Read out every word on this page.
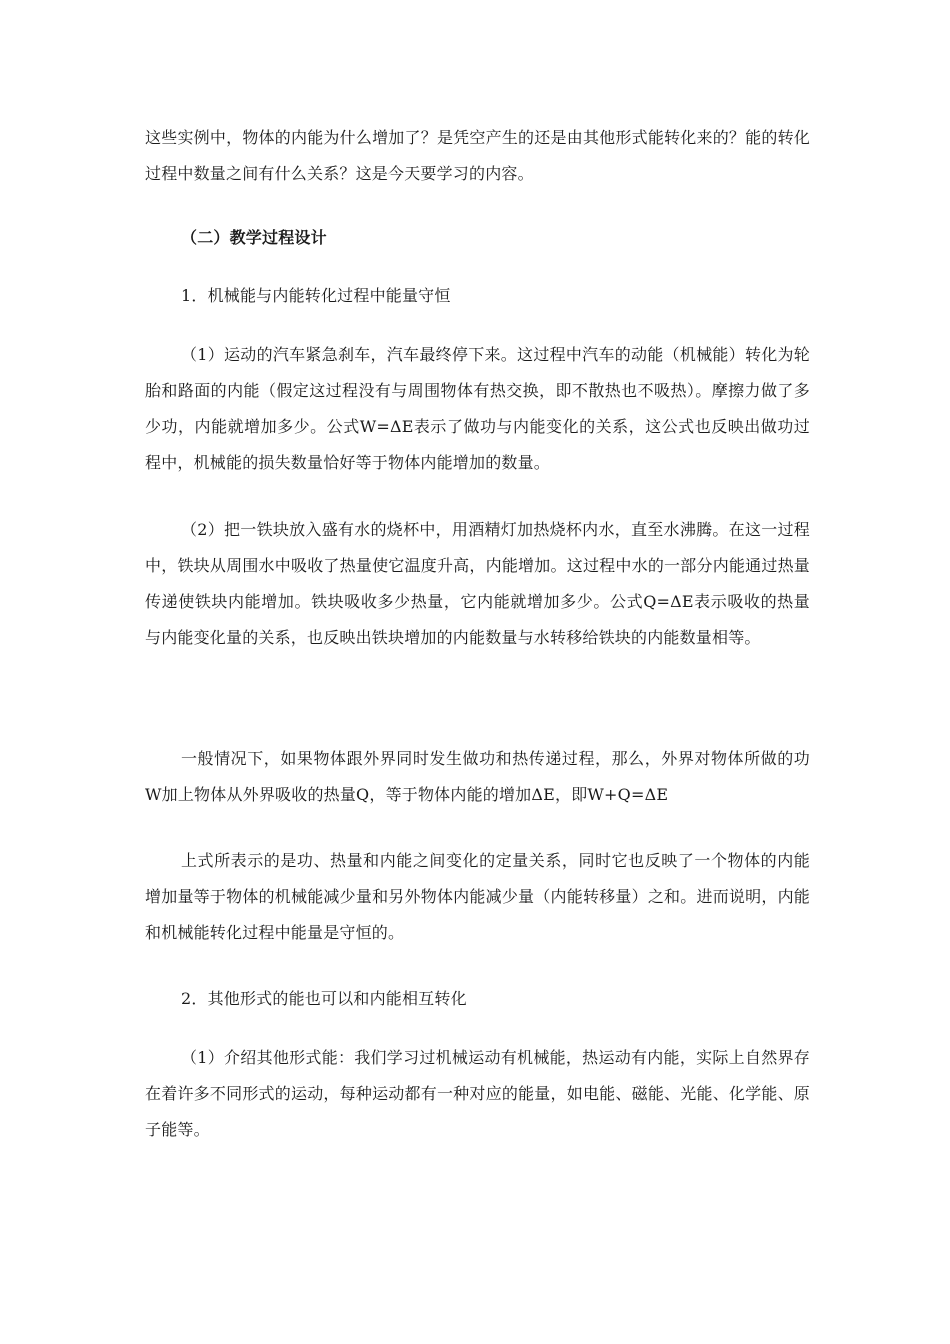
这些实例中，物体的内能为什么增加了？是凭空产生的还是由其他形式能转化来的？能的转化过程中数量之间有什么关系？这是今天要学习的内容。

（二）教学过程设计

1．机械能与内能转化过程中能量守恒

（1）运动的汽车紧急刹车，汽车最终停下来。这过程中汽车的动能（机械能）转化为轮胎和路面的内能（假定这过程没有与周围物体有热交换，即不散热也不吸热）。摩擦力做了多少功，内能就增加多少。公式W=ΔE表示了做功与内能变化的关系，这公式也反映出做功过程中，机械能的损失数量恰好等于物体内能增加的数量。

（2）把一铁块放入盛有水的烧杯中，用酒精灯加热烧杯内水，直至水沸腾。在这一过程中，铁块从周围水中吸收了热量使它温度升高，内能增加。这过程中水的一部分内能通过热量传递使铁块内能增加。铁块吸收多少热量，它内能就增加多少。公式Q=ΔE表示吸收的热量与内能变化量的关系，也反映出铁块增加的内能数量与水转移给铁块的内能数量相等。

一般情况下，如果物体跟外界同时发生做功和热传递过程，那么，外界对物体所做的功W加上物体从外界吸收的热量Q，等于物体内能的增加ΔE，即W+Q=ΔE

上式所表示的是功、热量和内能之间变化的定量关系，同时它也反映了一个物体的内能增加量等于物体的机械能减少量和另外物体内能减少量（内能转移量）之和。进而说明，内能和机械能转化过程中能量是守恒的。

2．其他形式的能也可以和内能相互转化

（1）介绍其他形式能：我们学习过机械运动有机械能，热运动有内能，实际上自然界存在着许多不同形式的运动，每种运动都有一种对应的能量，如电能、磁能、光能、化学能、原子能等。
